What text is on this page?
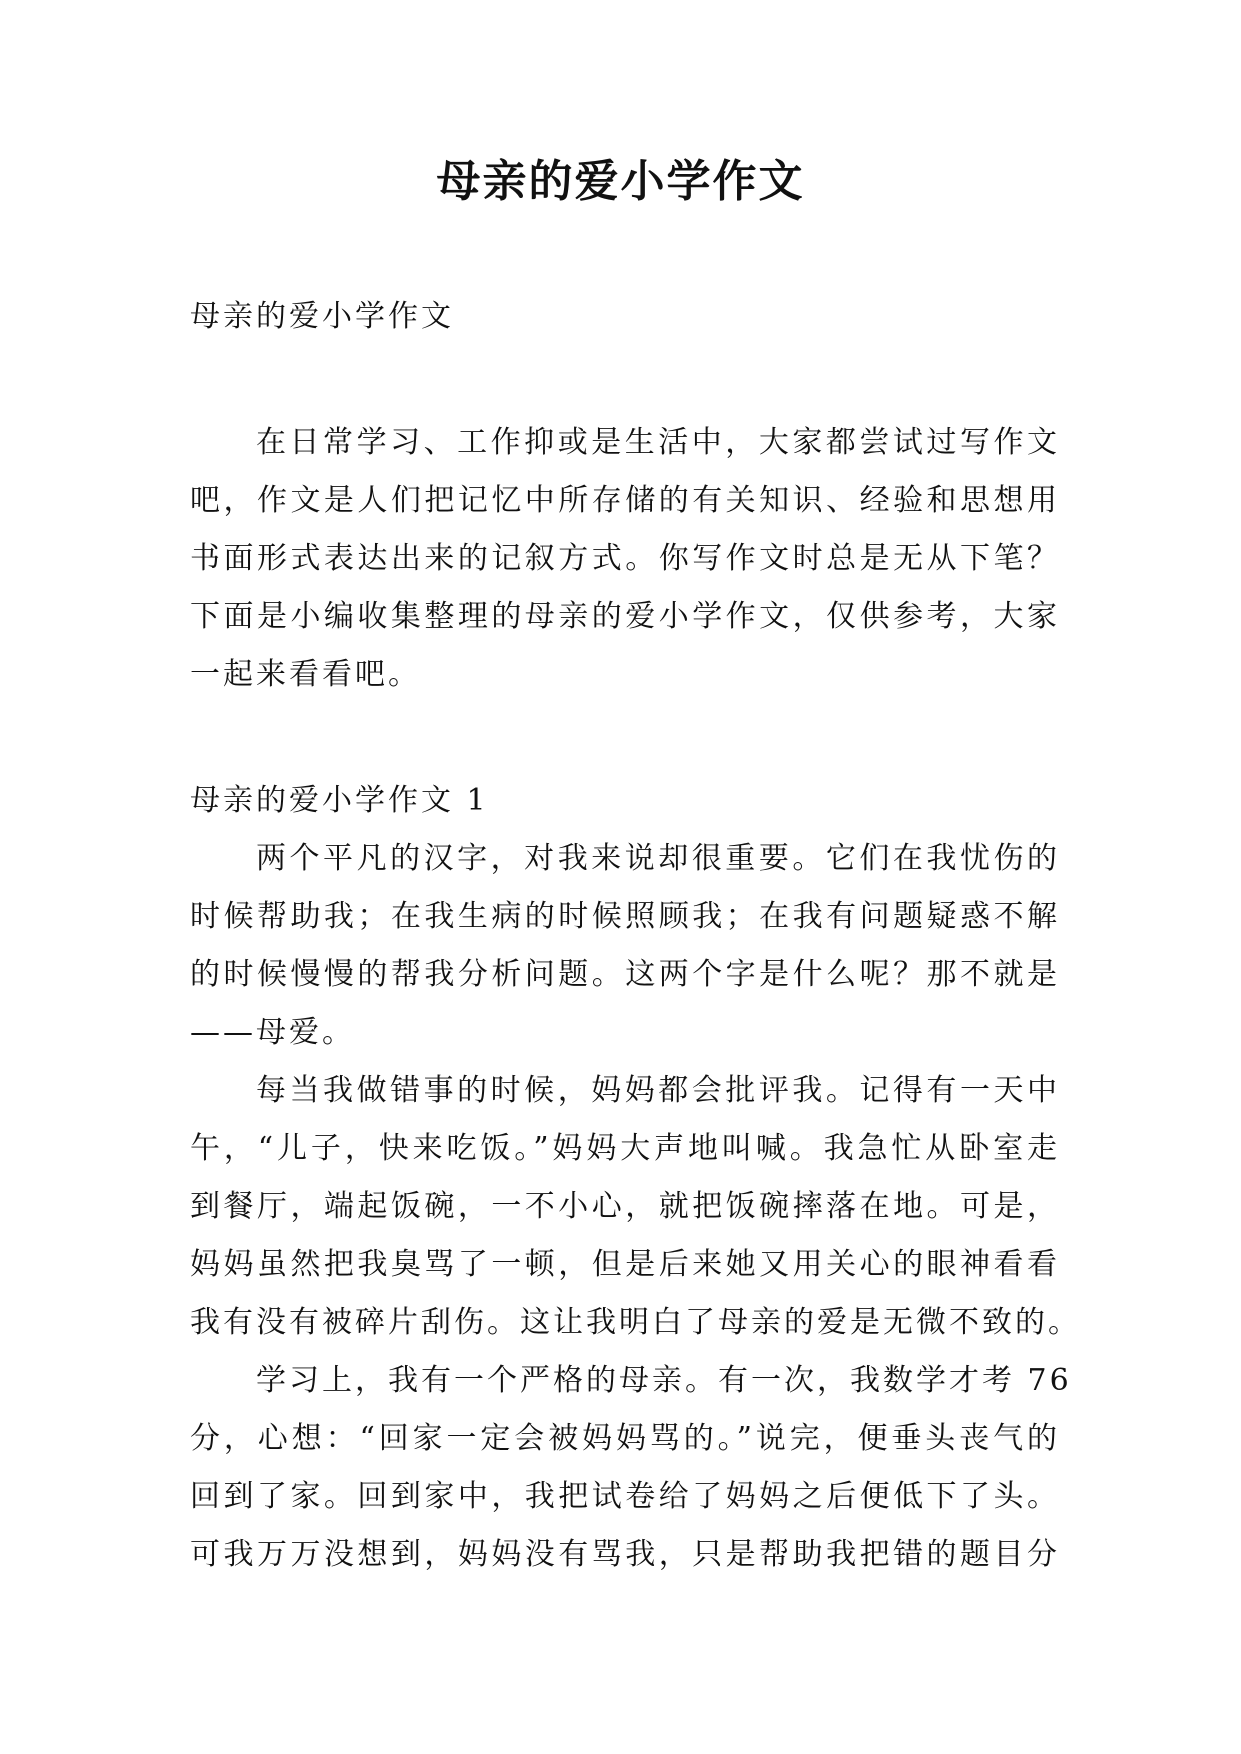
母亲的爱小学作文
母亲的爱小学作文
在日常学习、工作抑或是生活中，大家都尝试过写作文
吧，作文是人们把记忆中所存储的有关知识、经验和思想用
书面形式表达出来的记叙方式。你写作文时总是无从下笔？
下面是小编收集整理的母亲的爱小学作文，仅供参考，大家
一起来看看吧。
母亲的爱小学作文 1
两个平凡的汉字，对我来说却很重要。它们在我忧伤的
时候帮助我；在我生病的时候照顾我；在我有问题疑惑不解
的时候慢慢的帮我分析问题。这两个字是什么呢？那不就是
——母爱。
每当我做错事的时候，妈妈都会批评我。记得有一天中
午，“儿子，快来吃饭。”妈妈大声地叫喊。我急忙从卧室走
到餐厅，端起饭碗，一不小心，就把饭碗摔落在地。可是，
妈妈虽然把我臭骂了一顿，但是后来她又用关心的眼神看看
我有没有被碎片刮伤。这让我明白了母亲的爱是无微不致的。
学习上，我有一个严格的母亲。有一次，我数学才考 76
分，心想：“回家一定会被妈妈骂的。”说完，便垂头丧气的
回到了家。回到家中，我把试卷给了妈妈之后便低下了头。
可我万万没想到，妈妈没有骂我，只是帮助我把错的题目分
